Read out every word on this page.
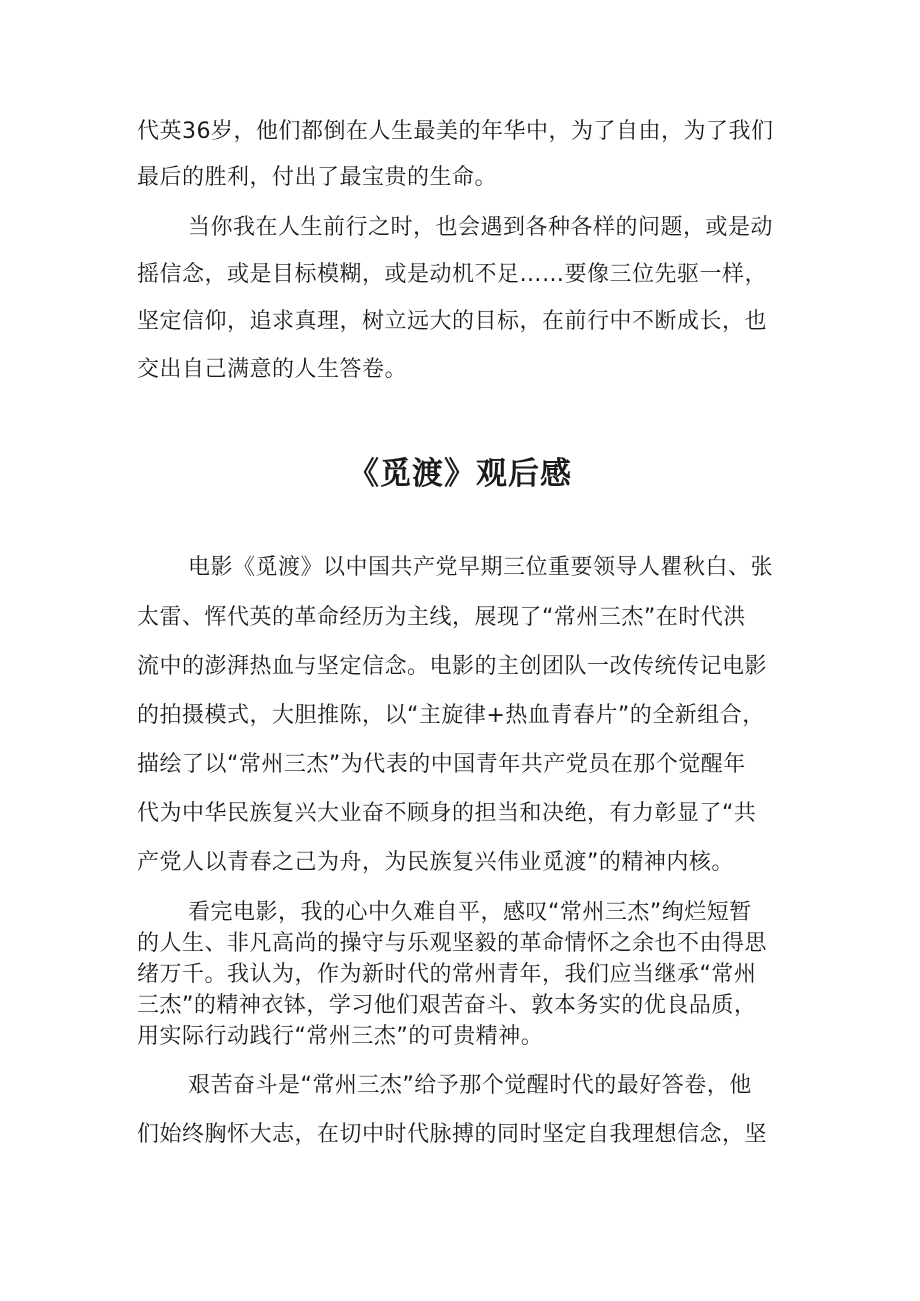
代英36岁，他们都倒在人生最美的年华中，为了自由，为了我们
最后的胜利，付出了最宝贵的生命。
当你我在人生前行之时，也会遇到各种各样的问题，或是动
摇信念，或是目标模糊，或是动机不足……要像三位先驱一样，
坚定信仰，追求真理，树立远大的目标，在前行中不断成长，也
交出自己满意的人生答卷。
《觅渡》观后感
电影《觅渡》以中国共产党早期三位重要领导人瞿秋白、张
太雷、恽代英的革命经历为主线，展现了“常州三杰”在时代洪
流中的澎湃热血与坚定信念。电影的主创团队一改传统传记电影
的拍摄模式，大胆推陈，以“主旋律+热血青春片”的全新组合，
描绘了以“常州三杰”为代表的中国青年共产党员在那个觉醒年
代为中华民族复兴大业奋不顾身的担当和决绝，有力彰显了“共
产党人以青春之己为舟，为民族复兴伟业觅渡”的精神内核。
看完电影，我的心中久难自平，感叹“常州三杰”绚烂短暂
的人生、非凡高尚的操守与乐观坚毅的革命情怀之余也不由得思
绪万千。我认为，作为新时代的常州青年，我们应当继承“常州
三杰”的精神衣钵，学习他们艰苦奋斗、敦本务实的优良品质，
用实际行动践行“常州三杰”的可贵精神。
艰苦奋斗是“常州三杰”给予那个觉醒时代的最好答卷，他
们始终胸怀大志，在切中时代脉搏的同时坚定自我理想信念，坚
